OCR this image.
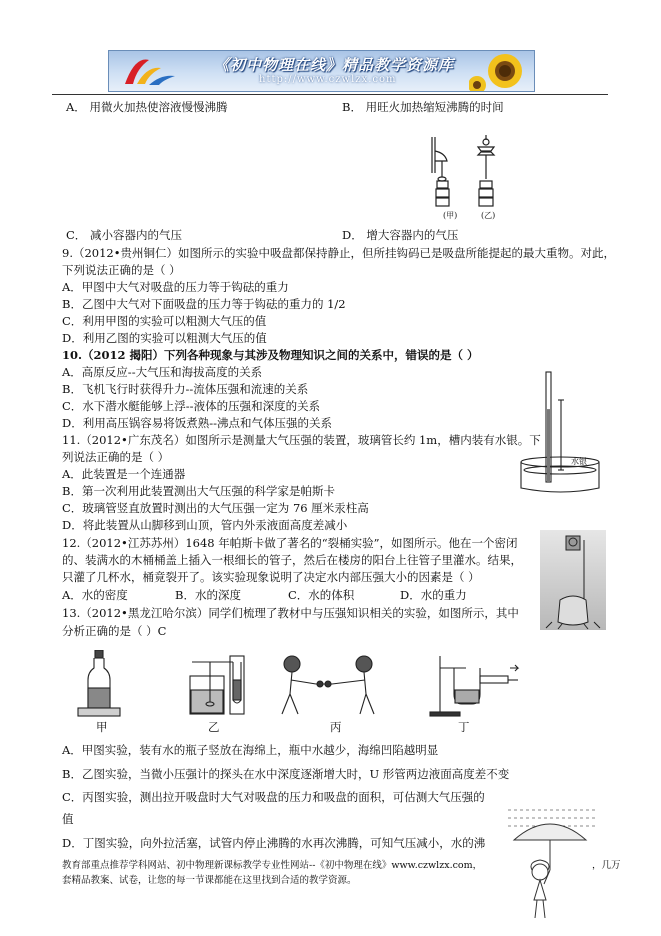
《初中物理在线》精品教学资源库
http://www.czwlzx.com
A． 用微火加热使溶液慢慢沸腾	B． 用旺火加热缩短沸腾的时间
(甲)	(乙)
C． 减小容器内的气压	D． 增大容器内的气压
9.（2012•贵州铜仁）如图所示的实验中吸盘都保持静止，但所挂钩码已是吸盘所能提起的最大重物。对此，
下列说法正确的是（ ）
A．甲图中大气对吸盘的压力等于钩砝的重力
B．乙图中大气对下面吸盘的压力等于钩砝的重力的 1/2
C．利用甲图的实验可以粗测大气压的值
D．利用乙图的实验可以粗测大气压的值
10.（2012 揭阳）下列各种现象与其涉及物理知识之间的关系中，错误的是（ ）
A．高原反应--大气压和海拔高度的关系
B．飞机飞行时获得升力--流体压强和流速的关系
C．水下潜水艇能够上浮--液体的压强和深度的关系
D．利用高压锅容易将饭煮熟--沸点和气体压强的关系
水银
11.（2012•广东茂名）如图所示是测量大气压强的装置，玻璃管长约 1m，槽内装有水银。下
列说法正确的是（ ）
A．此装置是一个连通器
B．第一次利用此装置测出大气压强的科学家是帕斯卡
C．玻璃管竖直放置时测出的大气压强一定为 76 厘米汞柱高
D．将此装置从山脚移到山顶，管内外汞液面高度差减小
12.（2012•江苏苏州）1648 年帕斯卡做了著名的“裂桶实验”，如图所示。他在一个密闭
的、装满水的木桶桶盖上插入一根细长的管子，然后在楼房的阳台上往管子里灌水。结果，
只灌了几杯水，桶竟裂开了。该实验现象说明了决定水内部压强大小的因素是（ ）
A．水的密度	B．水的深度	C．水的体积	D．水的重力
13.（2012•黑龙江哈尔滨）同学们梳理了教材中与压强知识相关的实验，如图所示，其中
分析正确的是（ ）C
甲	乙	丙	丁
A．甲图实验，装有水的瓶子竖放在海绵上，瓶中水越少，海绵凹陷越明显
B．乙图实验，当微小压强计的探头在水中深度逐渐增大时，U 形管两边液面高度差不变
C．丙图实验，测出拉开吸盘时大气对吸盘的压力和吸盘的面积，可估测大气压强的
值
D．丁图实验，向外拉活塞，试管内停止沸腾的水再次沸腾，可知气压减小，水的沸
教育部重点推荐学科网站、初中物理新课标教学专业性网站--《初中物理在线》www.czwlzx.com，	，几万
套精品教案、试卷，让您的每一节课都能在这里找到合适的教学资源。
